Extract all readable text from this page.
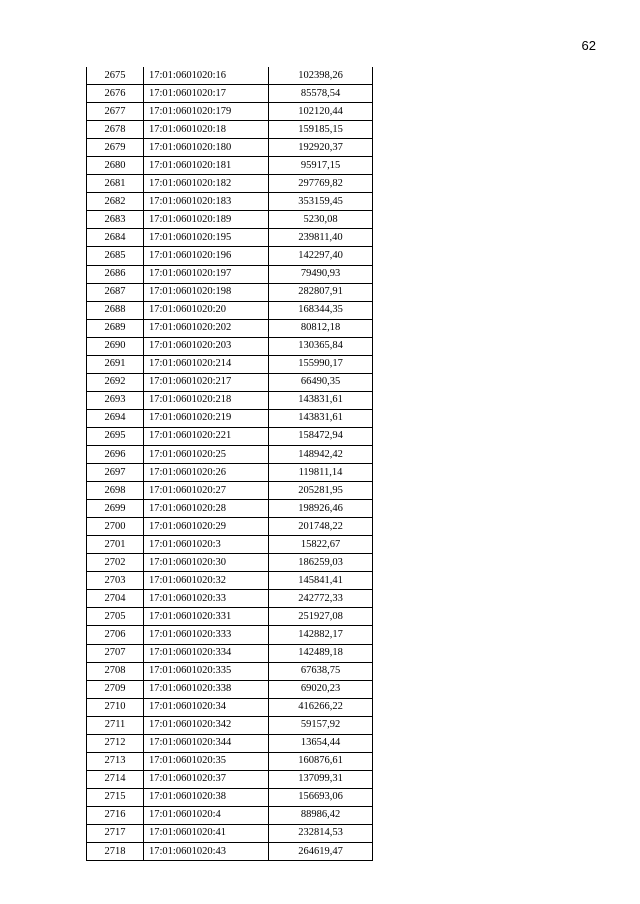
62
2675	17:01:0601020:16	102398,26
2676	17:01:0601020:17	85578,54
2677	17:01:0601020:179	102120,44
2678	17:01:0601020:18	159185,15
2679	17:01:0601020:180	192920,37
2680	17:01:0601020:181	95917,15
2681	17:01:0601020:182	297769,82
2682	17:01:0601020:183	353159,45
2683	17:01:0601020:189	5230,08
2684	17:01:0601020:195	239811,40
2685	17:01:0601020:196	142297,40
2686	17:01:0601020:197	79490,93
2687	17:01:0601020:198	282807,91
2688	17:01:0601020:20	168344,35
2689	17:01:0601020:202	80812,18
2690	17:01:0601020:203	130365,84
2691	17:01:0601020:214	155990,17
2692	17:01:0601020:217	66490,35
2693	17:01:0601020:218	143831,61
2694	17:01:0601020:219	143831,61
2695	17:01:0601020:221	158472,94
2696	17:01:0601020:25	148942,42
2697	17:01:0601020:26	119811,14
2698	17:01:0601020:27	205281,95
2699	17:01:0601020:28	198926,46
2700	17:01:0601020:29	201748,22
2701	17:01:0601020:3	15822,67
2702	17:01:0601020:30	186259,03
2703	17:01:0601020:32	145841,41
2704	17:01:0601020:33	242772,33
2705	17:01:0601020:331	251927,08
2706	17:01:0601020:333	142882,17
2707	17:01:0601020:334	142489,18
2708	17:01:0601020:335	67638,75
2709	17:01:0601020:338	69020,23
2710	17:01:0601020:34	416266,22
2711	17:01:0601020:342	59157,92
2712	17:01:0601020:344	13654,44
2713	17:01:0601020:35	160876,61
2714	17:01:0601020:37	137099,31
2715	17:01:0601020:38	156693,06
2716	17:01:0601020:4	88986,42
2717	17:01:0601020:41	232814,53
2718	17:01:0601020:43	264619,47
